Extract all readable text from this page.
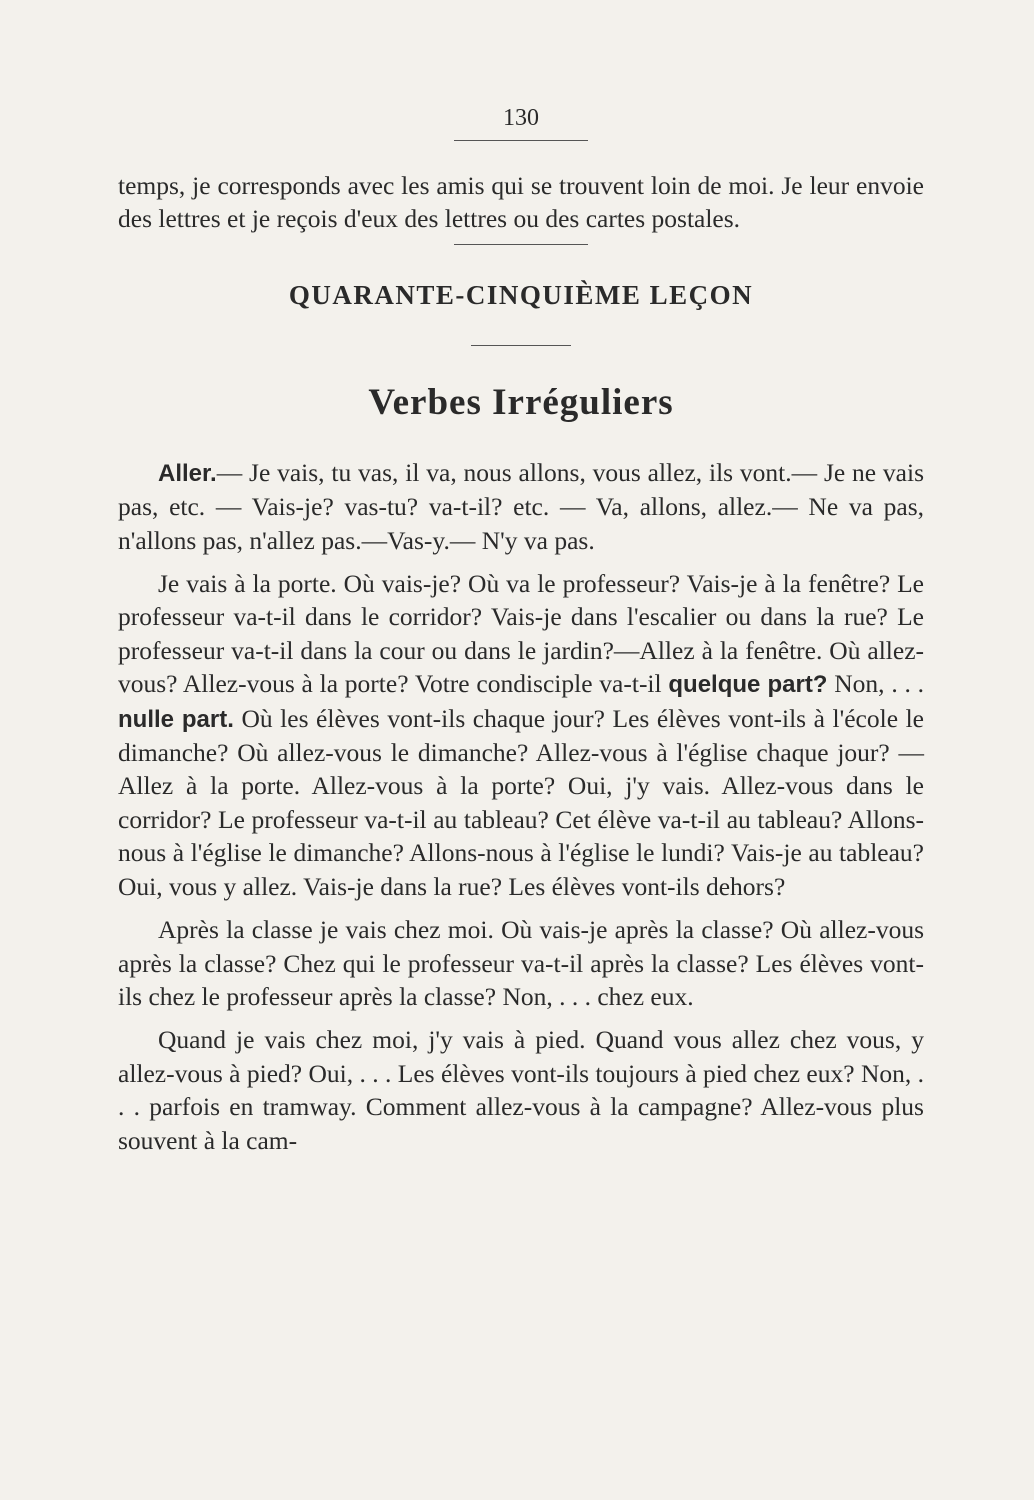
130

temps, je corresponds avec les amis qui se trouvent loin de moi. Je leur envoie des lettres et je reçois d'eux des lettres ou des cartes postales.

QUARANTE-CINQUIÈME LEÇON
Verbes Irréguliers

Aller.— Je vais, tu vas, il va, nous allons, vous allez, ils vont.— Je ne vais pas, etc. — Vais-je? vas-tu? va-t-il? etc. — Va, allons, allez.— Ne va pas, n'allons pas, n'allez pas.—Vas-y.— N'y va pas.

Je vais à la porte. Où vais-je? Où va le professeur? Vais-je à la fenêtre? Le professeur va-t-il dans le corridor? Vais-je dans l'escalier ou dans la rue? Le professeur va-t-il dans la cour ou dans le jardin?—Allez à la fenêtre. Où allez-vous? Allez-vous à la porte? Votre condisciple va-t-il quelque part? Non, . . . nulle part. Où les élèves vont-ils chaque jour? Les élèves vont-ils à l'école le dimanche? Où allez-vous le dimanche? Allez-vous à l'église chaque jour? — Allez à la porte. Allez-vous à la porte? Oui, j'y vais. Allez-vous dans le corridor? Le professeur va-t-il au tableau? Cet élève va-t-il au tableau? Allons-nous à l'église le dimanche? Allons-nous à l'église le lundi? Vais-je au tableau? Oui, vous y allez. Vais-je dans la rue? Les élèves vont-ils dehors?

Après la classe je vais chez moi. Où vais-je après la classe? Où allez-vous après la classe? Chez qui le professeur va-t-il après la classe? Les élèves vont-ils chez le professeur après la classe? Non, . . . chez eux.

Quand je vais chez moi, j'y vais à pied. Quand vous allez chez vous, y allez-vous à pied? Oui, . . . Les élèves vont-ils toujours à pied chez eux? Non, . . . parfois en tramway. Comment allez-vous à la campagne? Allez-vous plus souvent à la cam-
